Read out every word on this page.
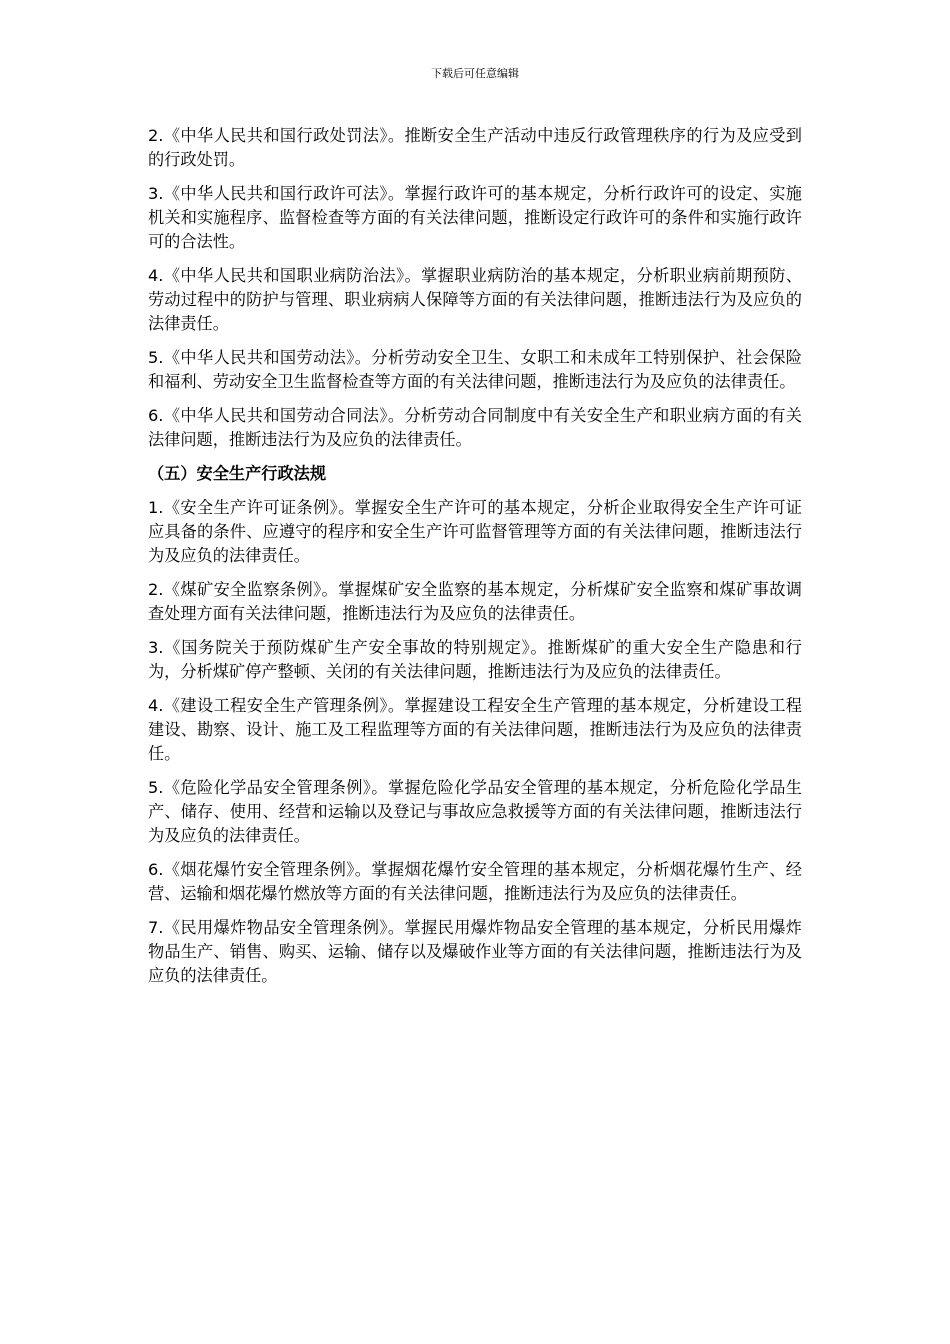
下载后可任意编辑

2.《中华人民共和国行政处罚法》。推断安全生产活动中违反行政管理秩序的行为及应受到的行政处罚。

3.《中华人民共和国行政许可法》。掌握行政许可的基本规定，分析行政许可的设定、实施机关和实施程序、监督检查等方面的有关法律问题，推断设定行政许可的条件和实施行政许可的合法性。

4.《中华人民共和国职业病防治法》。掌握职业病防治的基本规定，分析职业病前期预防、劳动过程中的防护与管理、职业病病人保障等方面的有关法律问题，推断违法行为及应负的法律责任。

5.《中华人民共和国劳动法》。分析劳动安全卫生、女职工和未成年工特别保护、社会保险和福利、劳动安全卫生监督检查等方面的有关法律问题，推断违法行为及应负的法律责任。

6.《中华人民共和国劳动合同法》。分析劳动合同制度中有关安全生产和职业病方面的有关法律问题，推断违法行为及应负的法律责任。

（五）安全生产行政法规

1.《安全生产许可证条例》。掌握安全生产许可的基本规定，分析企业取得安全生产许可证应具备的条件、应遵守的程序和安全生产许可监督管理等方面的有关法律问题，推断违法行为及应负的法律责任。

2.《煤矿安全监察条例》。掌握煤矿安全监察的基本规定，分析煤矿安全监察和煤矿事故调查处理方面有关法律问题，推断违法行为及应负的法律责任。

3.《国务院关于预防煤矿生产安全事故的特别规定》。推断煤矿的重大安全生产隐患和行为，分析煤矿停产整顿、关闭的有关法律问题，推断违法行为及应负的法律责任。

4.《建设工程安全生产管理条例》。掌握建设工程安全生产管理的基本规定，分析建设工程建设、勘察、设计、施工及工程监理等方面的有关法律问题，推断违法行为及应负的法律责任。

5.《危险化学品安全管理条例》。掌握危险化学品安全管理的基本规定，分析危险化学品生产、储存、使用、经营和运输以及登记与事故应急救援等方面的有关法律问题，推断违法行为及应负的法律责任。

6.《烟花爆竹安全管理条例》。掌握烟花爆竹安全管理的基本规定，分析烟花爆竹生产、经营、运输和烟花爆竹燃放等方面的有关法律问题，推断违法行为及应负的法律责任。

7.《民用爆炸物品安全管理条例》。掌握民用爆炸物品安全管理的基本规定，分析民用爆炸物品生产、销售、购买、运输、储存以及爆破作业等方面的有关法律问题，推断违法行为及应负的法律责任。
